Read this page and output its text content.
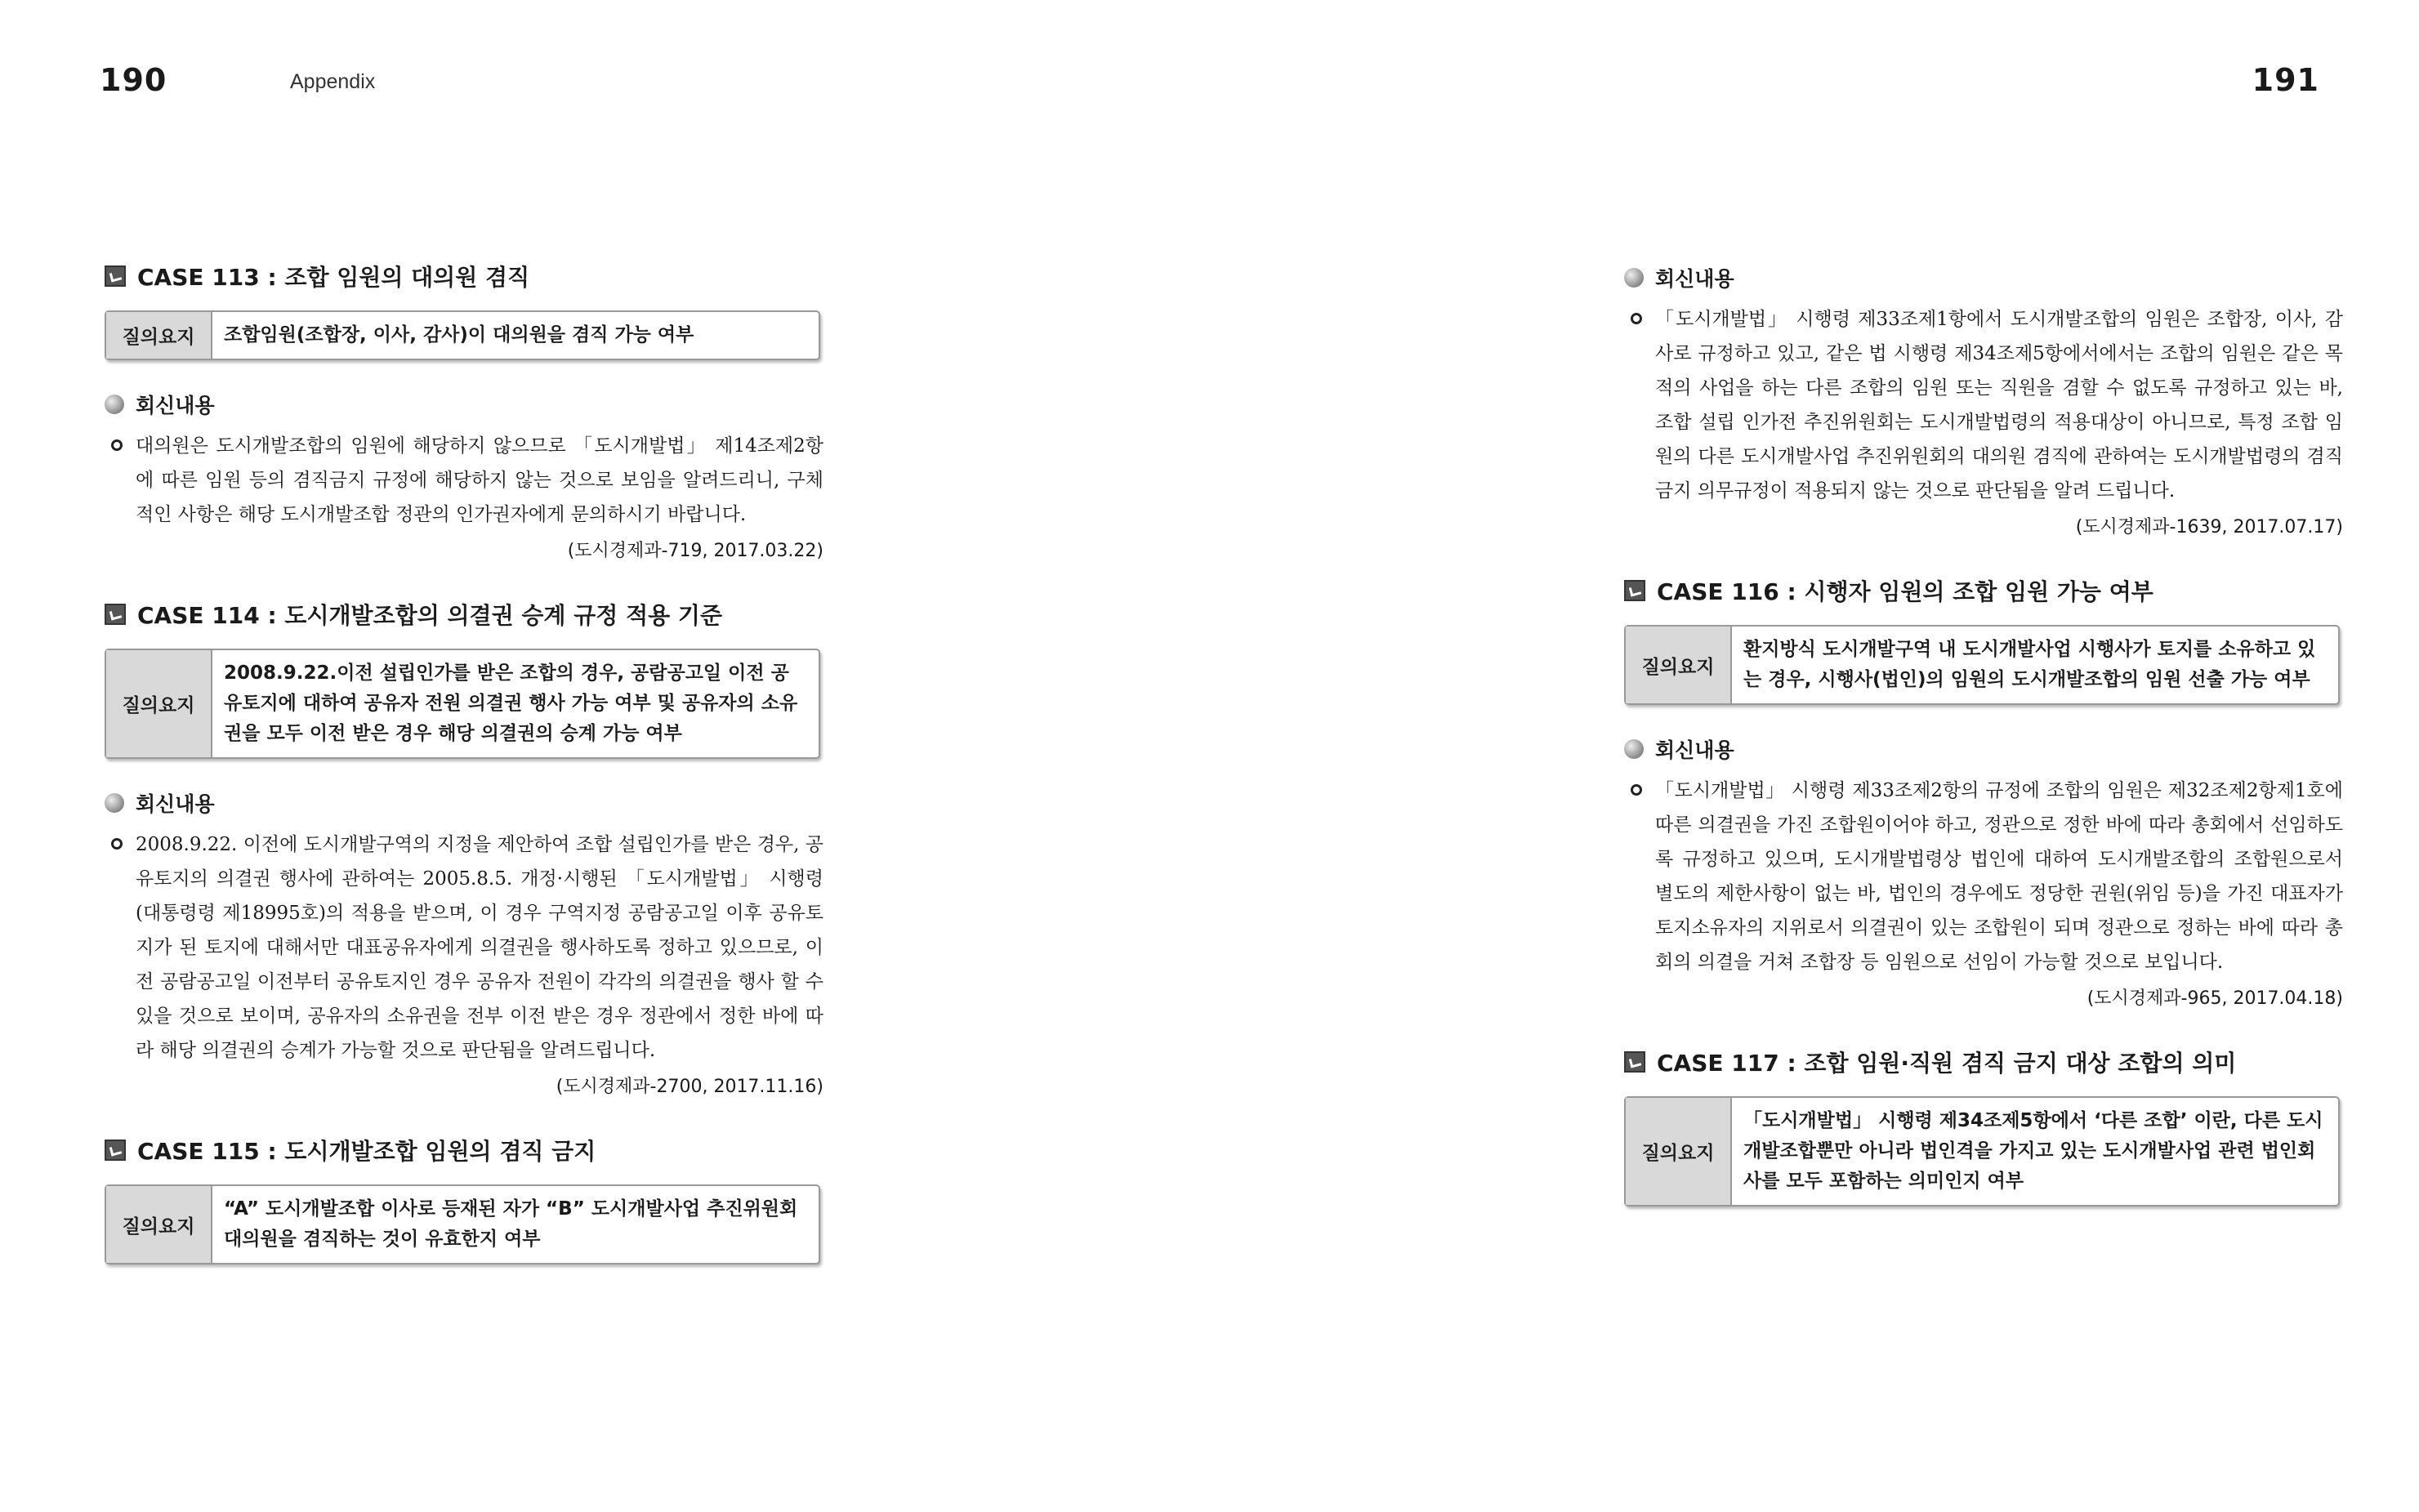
190	Appendix
CASE 113 : 조합 임원의 대의원 겸직
질의요지	조합임원(조합장, 이사, 감사)이 대의원을 겸직 가능 여부
회신내용
대의원은 도시개발조합의 임원에 해당하지 않으므로 「도시개발법」 제14조제2항에 따른 임원 등의 겸직금지 규정에 해당하지 않는 것으로 보임을 알려드리니, 구체적인 사항은 해당 도시개발조합 정관의 인가권자에게 문의하시기 바랍니다.
(도시경제과-719, 2017.03.22)
CASE 114 : 도시개발조합의 의결권 승계 규정 적용 기준
질의요지
2008.9.22.이전 설립인가를 받은 조합의 경우, 공람공고일 이전 공유토지에 대하여 공유자 전원 의결권 행사 가능 여부 및 공유자의 소유권을 모두 이전 받은 경우 해당 의결권의 승계 가능 여부
회신내용
2008.9.22. 이전에 도시개발구역의 지정을 제안하여 조합 설립인가를 받은 경우, 공유토지의 의결권 행사에 관하여는 2005.8.5. 개정·시행된 「도시개발법」 시행령(대통령령 제18995호)의 적용을 받으며, 이 경우 구역지정 공람공고일 이후 공유토지가 된 토지에 대해서만 대표공유자에게 의결권을 행사하도록 정하고 있으므로, 이전 공람공고일 이전부터 공유토지인 경우 공유자 전원이 각각의 의결권을 행사 할 수 있을 것으로 보이며, 공유자의 소유권을 전부 이전 받은 경우 정관에서 정한 바에 따라 해당 의결권의 승계가 가능할 것으로 판단됨을 알려드립니다.
(도시경제과-2700, 2017.11.16)
CASE 115 : 도시개발조합 임원의 겸직 금지
질의요지
“A” 도시개발조합 이사로 등재된 자가 “B” 도시개발사업 추진위원회 대의원을 겸직하는 것이 유효한지 여부
191
회신내용
「도시개발법」 시행령 제33조제1항에서 도시개발조합의 임원은 조합장, 이사, 감사로 규정하고 있고, 같은 법 시행령 제34조제5항에서에서는 조합의 임원은 같은 목적의 사업을 하는 다른 조합의 임원 또는 직원을 겸할 수 없도록 규정하고 있는 바, 조합 설립 인가전 추진위원회는 도시개발법령의 적용대상이 아니므로, 특정 조합 임원의 다른 도시개발사업 추진위원회의 대의원 겸직에 관하여는 도시개발법령의 겸직금지 의무규정이 적용되지 않는 것으로 판단됨을 알려 드립니다.
(도시경제과-1639, 2017.07.17)
CASE 116 : 시행자 임원의 조합 임원 가능 여부
질의요지
환지방식 도시개발구역 내 도시개발사업 시행사가 토지를 소유하고 있는 경우, 시행사(법인)의 임원의 도시개발조합의 임원 선출 가능 여부
회신내용
「도시개발법」 시행령 제33조제2항의 규정에 조합의 임원은 제32조제2항제1호에 따른 의결권을 가진 조합원이어야 하고, 정관으로 정한 바에 따라 총회에서 선임하도록 규정하고 있으며, 도시개발법령상 법인에 대하여 도시개발조합의 조합원으로서 별도의 제한사항이 없는 바, 법인의 경우에도 정당한 권원(위임 등)을 가진 대표자가 토지소유자의 지위로서 의결권이 있는 조합원이 되며 정관으로 정하는 바에 따라 총회의 의결을 거쳐 조합장 등 임원으로 선임이 가능할 것으로 보입니다.
(도시경제과-965, 2017.04.18)
CASE 117 : 조합 임원·직원 겸직 금지 대상 조합의 의미
질의요지
「도시개발법」 시행령 제34조제5항에서 ‘다른 조합’ 이란, 다른 도시개발조합뿐만 아니라 법인격을 가지고 있는 도시개발사업 관련 법인회사를 모두 포함하는 의미인지 여부
